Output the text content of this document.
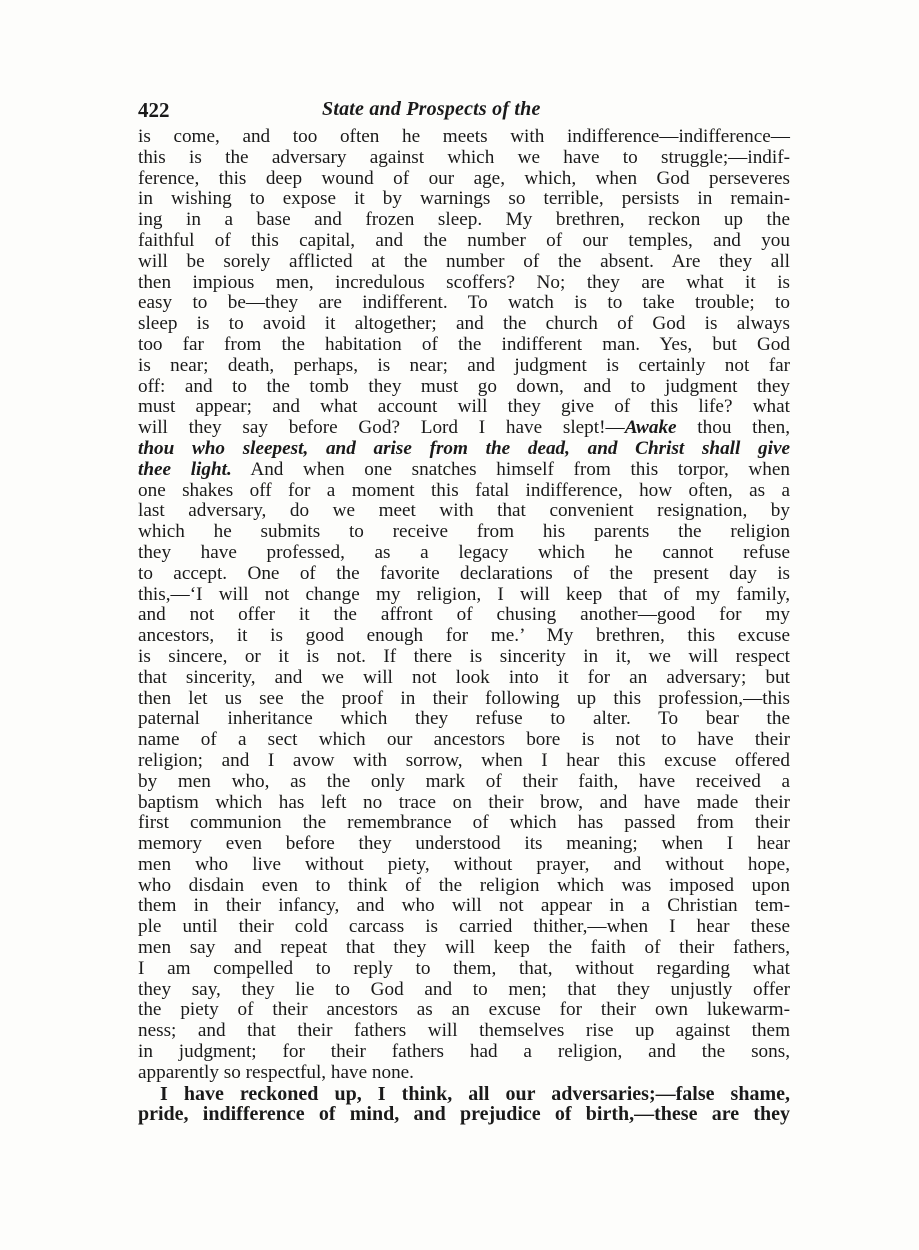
422	State and Prospects of the
is come, and too often he meets with indifference—indifference—
this is the adversary against which we have to struggle;—indif-
ference, this deep wound of our age, which, when God perseveres
in wishing to expose it by warnings so terrible, persists in remain-
ing in a base and frozen sleep. My brethren, reckon up the
faithful of this capital, and the number of our temples, and you
will be sorely afflicted at the number of the absent. Are they all
then impious men, incredulous scoffers? No; they are what it is
easy to be—they are indifferent. To watch is to take trouble; to
sleep is to avoid it altogether; and the church of God is always
too far from the habitation of the indifferent man. Yes, but God
is near; death, perhaps, is near; and judgment is certainly not far
off: and to the tomb they must go down, and to judgment they
must appear; and what account will they give of this life? what
will they say before God? Lord I have slept!—Awake thou then,
thou who sleepest, and arise from the dead, and Christ shall give
thee light. And when one snatches himself from this torpor, when
one shakes off for a moment this fatal indifference, how often, as a
last adversary, do we meet with that convenient resignation, by
which he submits to receive from his parents the religion
they have professed, as a legacy which he cannot refuse
to accept. One of the favorite declarations of the present day is
this,—‘I will not change my religion, I will keep that of my family,
and not offer it the affront of chusing another—good for my
ancestors, it is good enough for me.’ My brethren, this excuse
is sincere, or it is not. If there is sincerity in it, we will respect
that sincerity, and we will not look into it for an adversary; but
then let us see the proof in their following up this profession,—this
paternal inheritance which they refuse to alter. To bear the
name of a sect which our ancestors bore is not to have their
religion; and I avow with sorrow, when I hear this excuse offered
by men who, as the only mark of their faith, have received a
baptism which has left no trace on their brow, and have made their
first communion the remembrance of which has passed from their
memory even before they understood its meaning; when I hear
men who live without piety, without prayer, and without hope,
who disdain even to think of the religion which was imposed upon
them in their infancy, and who will not appear in a Christian tem-
ple until their cold carcass is carried thither,—when I hear these
men say and repeat that they will keep the faith of their fathers,
I am compelled to reply to them, that, without regarding what
they say, they lie to God and to men; that they unjustly offer
the piety of their ancestors as an excuse for their own lukewarm-
ness; and that their fathers will themselves rise up against them
in judgment; for their fathers had a religion, and the sons,
apparently so respectful, have none.
I have reckoned up, I think, all our adversaries;—false shame,
pride, indifference of mind, and prejudice of birth,—these are they
